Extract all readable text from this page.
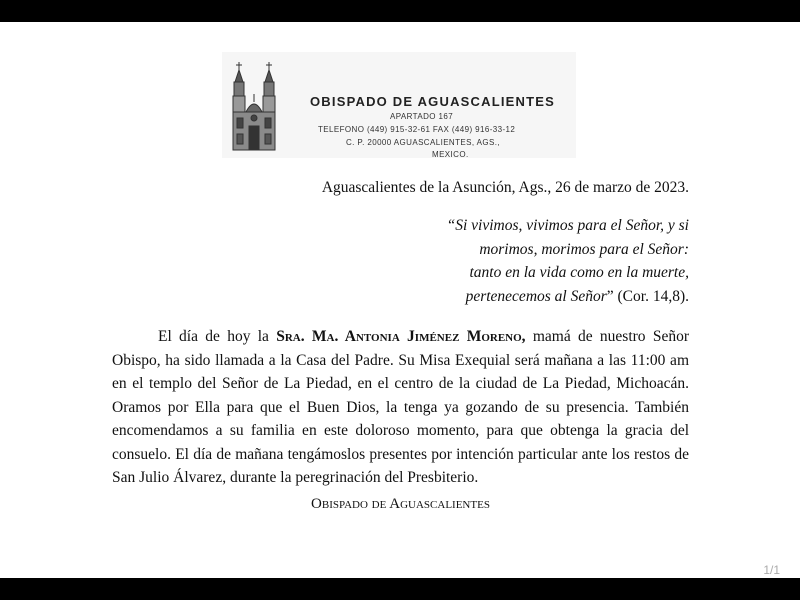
OBISPADO DE AGUASCALIENTES
APARTADO 167
TELEFONO (449) 915-32-61 FAX (449) 916-33-12
C. P. 20000 AGUASCALIENTES, AGS.,
MEXICO.
Aguascalientes de la Asunción, Ags., 26 de marzo de 2023.
“Si vivimos, vivimos para el Señor, y si
morimos, morimos para el Señor:
tanto en la vida como en la muerte,
pertenecemos al Señor” (Cor. 14,8).

El día de hoy la Sra. Ma. Antonia Jiménez Moreno, mamá de nuestro Señor Obispo, ha sido llamada a la Casa del Padre. Su Misa Exequial será mañana a las 11:00 am en el templo del Señor de La Piedad, en el centro de la ciudad de La Piedad, Michoacán. Oramos por Ella para que el Buen Dios, la tenga ya gozando de su presencia. También encomendamos a su familia en este doloroso momento, para que obtenga la gracia del consuelo. El día de mañana tengámoslos presentes por intención particular ante los restos de San Julio Álvarez, durante la peregrinación del Presbiterio.

Obispado de Aguascalientes
1/1
